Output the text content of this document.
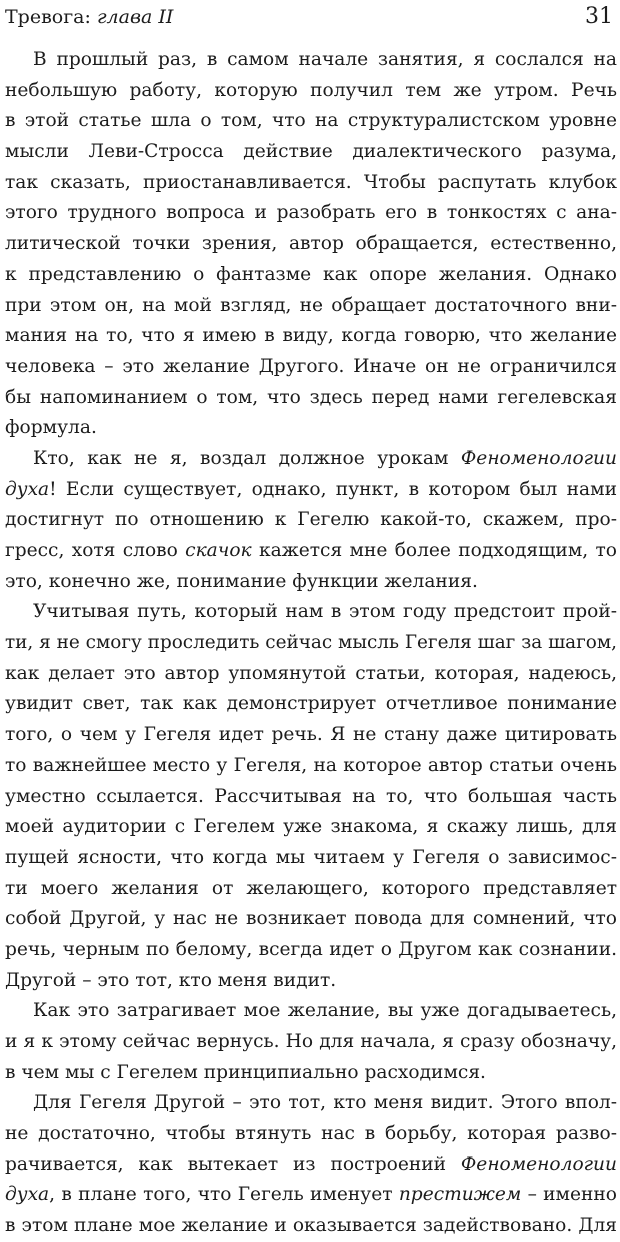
Тревога: глава II	31
В прошлый раз, в самом начале занятия, я сослался на
небольшую работу, которую получил тем же утром. Речь
в этой статье шла о том, что на структуралистском уровне
мысли Леви-Стросса действие диалектического разума,
так сказать, приостанавливается. Чтобы распутать клубок
этого трудного вопроса и разобрать его в тонкостях с ана-
литической точки зрения, автор обращается, естественно,
к представлению о фантазме как опоре желания. Однако
при этом он, на мой взгляд, не обращает достаточного вни-
мания на то, что я имею в виду, когда говорю, что желание
человека – это желание Другого. Иначе он не ограничился
бы напоминанием о том, что здесь перед нами гегелевская
формула.
Кто, как не я, воздал должное урокам Феноменологии
духа! Если существует, однако, пункт, в котором был нами
достигнут по отношению к Гегелю какой-то, скажем, про-
гресс, хотя слово скачок кажется мне более подходящим, то
это, конечно же, понимание функции желания.
Учитывая путь, который нам в этом году предстоит прой-
ти, я не смогу проследить сейчас мысль Гегеля шаг за шагом,
как делает это автор упомянутой статьи, которая, надеюсь,
увидит свет, так как демонстрирует отчетливое понимание
того, о чем у Гегеля идет речь. Я не стану даже цитировать
то важнейшее место у Гегеля, на которое автор статьи очень
уместно ссылается. Рассчитывая на то, что большая часть
моей аудитории с Гегелем уже знакома, я скажу лишь, для
пущей ясности, что когда мы читаем у Гегеля о зависимос-
ти моего желания от желающего, которого представляет
собой Другой, у нас не возникает повода для сомнений, что
речь, черным по белому, всегда идет о Другом как сознании.
Другой – это тот, кто меня видит.
Как это затрагивает мое желание, вы уже догадываетесь,
и я к этому сейчас вернусь. Но для начала, я сразу обозначу,
в чем мы с Гегелем принципиально расходимся.
Для Гегеля Другой – это тот, кто меня видит. Этого впол-
не достаточно, чтобы втянуть нас в борьбу, которая разво-
рачивается, как вытекает из построений Феноменологии
духа, в плане того, что Гегель именует престижем – именно
в этом плане мое желание и оказывается задействовано. Для
